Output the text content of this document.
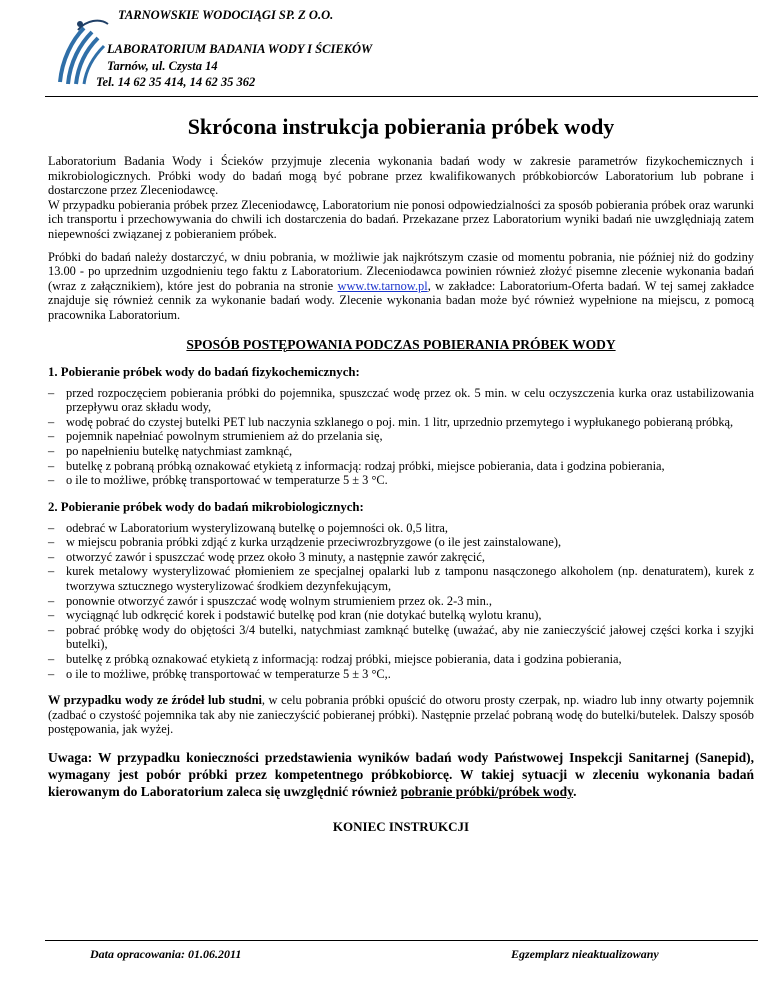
TARNOWSKIE WODOCIĄGI SP. Z O.O.
LABORATORIUM BADANIA WODY I ŚCIEKÓW
Tarnów, ul. Czysta 14
Tel. 14 62 35 414, 14 62 35 362
Skrócona instrukcja pobierania próbek wody

Laboratorium Badania Wody i Ścieków przyjmuje zlecenia wykonania badań wody w zakresie parametrów fizykochemicznych i mikrobiologicznych. Próbki wody do badań mogą być pobrane przez kwalifikowanych próbkobiorców Laboratorium lub pobrane i dostarczone przez Zleceniodawcę.

W przypadku pobierania próbek przez Zleceniodawcę, Laboratorium nie ponosi odpowiedzialności za sposób pobierania próbek oraz warunki ich transportu i przechowywania do chwili ich dostarczenia do badań. Przekazane przez Laboratorium wyniki badań nie uwzględniają zatem niepewności związanej z pobieraniem próbek.

Próbki do badań należy dostarczyć, w dniu pobrania, w możliwie jak najkrótszym czasie od momentu pobrania, nie później niż do godziny 13.00 - po uprzednim uzgodnieniu tego faktu z Laboratorium. Zleceniodawca powinien również złożyć pisemne zlecenie wykonania badań (wraz z załącznikiem), które jest do pobrania na stronie www.tw.tarnow.pl, w zakładce: Laboratorium-Oferta badań. W tej samej zakładce znajduje się również cennik za wykonanie badań wody. Zlecenie wykonania badan może być również wypełnione na miejscu, z pomocą pracownika Laboratorium.

SPOSÓB POSTĘPOWANIA PODCZAS POBIERANIA PRÓBEK WODY
1. Pobieranie próbek wody do badań fizykochemicznych:
– przed rozpoczęciem pobierania próbki do pojemnika, spuszczać wodę przez ok. 5 min. w celu oczyszczenia kurka oraz ustabilizowania przepływu oraz składu wody,
– wodę pobrać do czystej butelki PET lub naczynia szklanego o poj. min. 1 litr, uprzednio przemytego i wypłukanego pobieraną próbką,
– pojemnik napełniać powolnym strumieniem aż do przelania się,
– po napełnieniu butelkę natychmiast zamknąć,
– butelkę z pobraną próbką oznakować etykietą z informacją: rodzaj próbki, miejsce pobierania, data i godzina pobierania,
– o ile to możliwe, próbkę transportować w temperaturze 5 ± 3 °C.
2. Pobieranie próbek wody do badań mikrobiologicznych:
– odebrać w Laboratorium wysterylizowaną butelkę o pojemności ok. 0,5 litra,
– w miejscu pobrania próbki zdjąć z kurka urządzenie przeciwrozbryzgowe (o ile jest zainstalowane),
– otworzyć zawór i spuszczać wodę przez około 3 minuty, a następnie zawór zakręcić,
– kurek metalowy wysterylizować płomieniem ze specjalnej opalarki lub z tamponu nasączonego alkoholem (np. denaturatem), kurek z tworzywa sztucznego wysterylizować środkiem dezynfekującym,
– ponownie otworzyć zawór i spuszczać wodę wolnym strumieniem przez ok. 2-3 min.,
– wyciągnąć lub odkręcić korek i podstawić butelkę pod kran (nie dotykać butelką wylotu kranu),
– pobrać próbkę wody do objętości 3/4 butelki, natychmiast zamknąć butelkę (uważać, aby nie zanieczyścić jałowej części korka i szyjki butelki),
– butelkę z próbką oznakować etykietą z informacją: rodzaj próbki, miejsce pobierania, data i godzina pobierania,
– o ile to możliwe, próbkę transportować w temperaturze 5 ± 3 °C,.

W przypadku wody ze źródeł lub studni, w celu pobrania próbki opuścić do otworu prosty czerpak, np. wiadro lub inny otwarty pojemnik (zadbać o czystość pojemnika tak aby nie zanieczyścić pobieranej próbki). Następnie przelać pobraną wodę do butelki/butelek. Dalszy sposób postępowania, jak wyżej.

Uwaga: W przypadku konieczności przedstawienia wyników badań wody Państwowej Inspekcji Sanitarnej (Sanepid), wymagany jest pobór próbki przez kompetentnego próbkobiorcę. W takiej sytuacji w zleceniu wykonania badań kierowanym do Laboratorium zaleca się uwzględnić również pobranie próbki/próbek wody.

KONIEC INSTRUKCJI
Data opracowania: 01.06.2011	Egzemplarz nieaktualizowany
